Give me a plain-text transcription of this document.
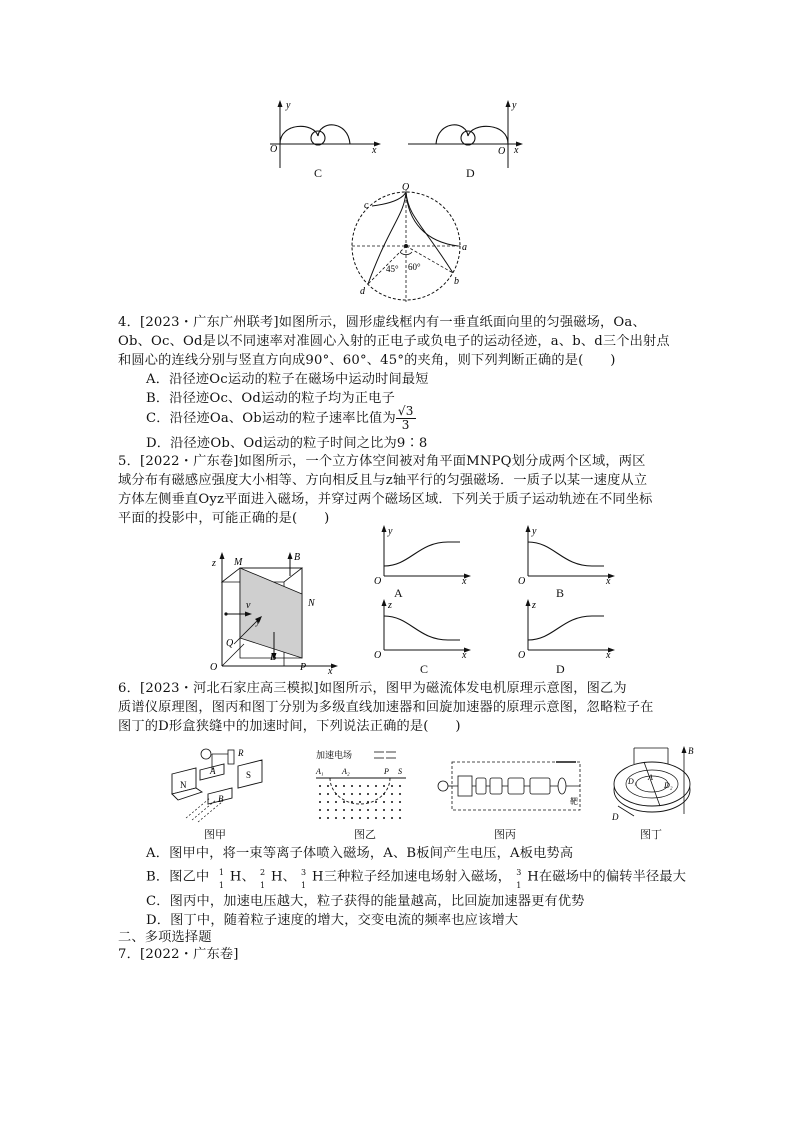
y
O	x
C
y
O x
D
O
a
b
c
d
45° 60°
4．[2023・广东广州联考]如图所示，圆形虚线框内有一垂直纸面向里的匀强磁场，Oa、
Ob、Oc、Od是以不同速率对准圆心入射的正电子或负电子的运动径迹，a、b、d三个出射点
和圆心的连线分别与竖直方向成90°、60°、45°的夹角，则下列判断正确的是(　　)
A．沿径迹Oc运动的粒子在磁场中运动时间最短
B．沿径迹Oc、Od运动的粒子均为正电子
C．沿径迹Oa、Ob运动的粒子速率比值为 $\frac{√3}{3}$
D．沿径迹Ob、Od运动的粒子时间之比为9∶8
5．[2022・广东卷]如图所示，一个立方体空间被对角平面MNPQ划分成两个区域，两区
域分布有磁感应强度大小相等、方向相反且与z轴平行的匀强磁场．一质子以某一速度从立
方体左侧垂直Oyz平面进入磁场，并穿过两个磁场区域．下列关于质子运动轨迹在不同坐标
平面的投影中，可能正确的是(　　)
z M	B
N
v
y
Q
B
O	P x
y
O	x
A
y
O	x
B
z
O	x
C
z
O	x
D
6．[2023・河北石家庄高三模拟]如图所示，图甲为磁流体发电机原理示意图，图乙为
质谱仪原理图，图丙和图丁分别为多级直线加速器和回旋加速器的原理示意图，忽略粒子在
图丁的D形盒狭缝中的加速时间，下列说法正确的是(　　)
N
A
R
S
B
图甲
加速电场
A₁ A₂	P S
图乙
靶
图丙
B
D₁	D₂
A
D
图丁
A．图甲中，将一束等离子体喷入磁场，A、B板间产生电压，A板电势高
B．图乙中 1
1
H、 2
1
H、 3
1
H三种粒子经加速电场射入磁场， 3
1
H在磁场中的偏转半径最大
C．图丙中，加速电压越大，粒子获得的能量越高，比回旋加速器更有优势
D．图丁中，随着粒子速度的增大，交变电流的频率也应该增大
二、多项选择题
7．[2022・广东卷]
